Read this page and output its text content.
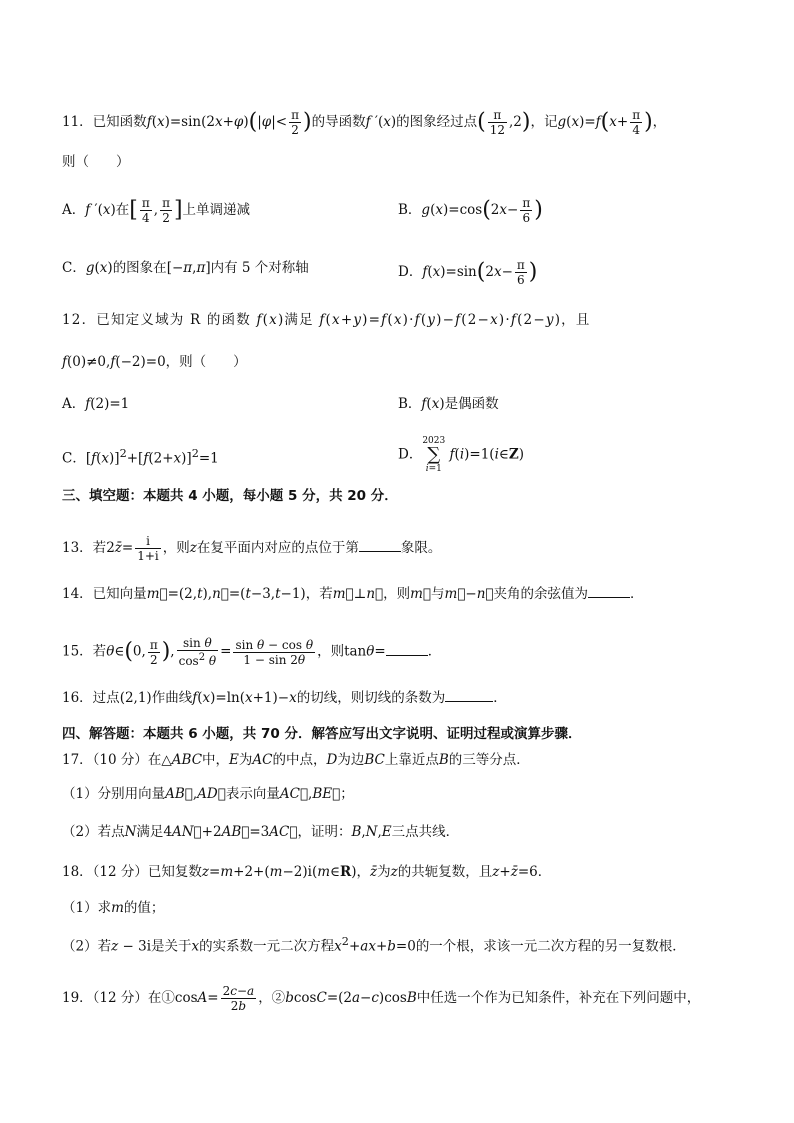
11．已知函数$f(x)=\sin(2x+\varphi)(|\varphi|< \frac{\pi}{2}$ )的导函数f ′(x)的图象经过点( $\frac{\pi}{12} ,2$)，记$g(x)=f(x+ \frac{\pi}{4}$ )，
则（　　）
A．f ′(x)在[ $\frac{\pi}{4}$ , $\frac{\pi}{2}$ ]上单调递减	B．$g(x)=\cos(2x- \frac{\pi}{6}$ )
C．g(x)的图象在[−π,π]内有 5 个对称轴	D．$f(x)=\sin(2x- \frac{\pi}{6}$ )
12．已知定义域为 R 的函数 f(x)满足 f(x+y)=f(x)·f(y)−f(2−x)·f(2−y)，且
f(0)≠0,f(−2)=0，则（　　）
A．f(2)=1	B．f(x)是偶函数
C．$[f(x)]^2+[f(2+x)]^2=1$	D．2023
∑
i=1 f(i)=1(i∈Z)
三、填空题：本题共 4 小题，每小题 5 分，共 20 分．
13．若2z̄= $\frac{i}{1+i}$ ，则z在复平面内对应的点位于第	象限。
14．已知向量m⃗=(2,t),n⃗=(t−3,t−1)，若m⃗⊥n⃗，则m⃗与m⃗−n⃗夹角的余弦值为	．
15．若θ∈(0, $\frac{\pi}{2}$ ), $\frac{\text{sin θ}}{\cos^2 \theta} = \frac{\text{sin θ − cos θ}}{1 - \sin 2\theta}$ ，则tanθ=	．
16．过点(2,1)作曲线f(x)=ln(x+1)−x的切线，则切线的条数为	．
四、解答题：本题共 6 小题，共 70 分．解答应写出文字说明、证明过程或演算步骤．
17．（10 分）在△ABC中，E为AC的中点，D为边BC上靠近点B的三等分点．
（1）分别用向量AB⃗,AD⃗表示向量AC⃗,BE⃗；
（2）若点N满足4AN⃗+2AB⃗=3AC⃗，证明：B,N,E三点共线．
18．（12 分）已知复数z=m+2+(m−2)i(m∈R)，z̄为z的共轭复数，且z+z̄=6．
（1）求m的值；
（2）若z − 3i是关于x的实系数一元二次方程$x^2+ax+b=0$的一个根，求该一元二次方程的另一复数根．
19．（12 分）在①cosA= $\frac{2c-a}{2b}$ ，②bcosC=(2a−c)cosB中任选一个作为已知条件，补充在下列问题中，
